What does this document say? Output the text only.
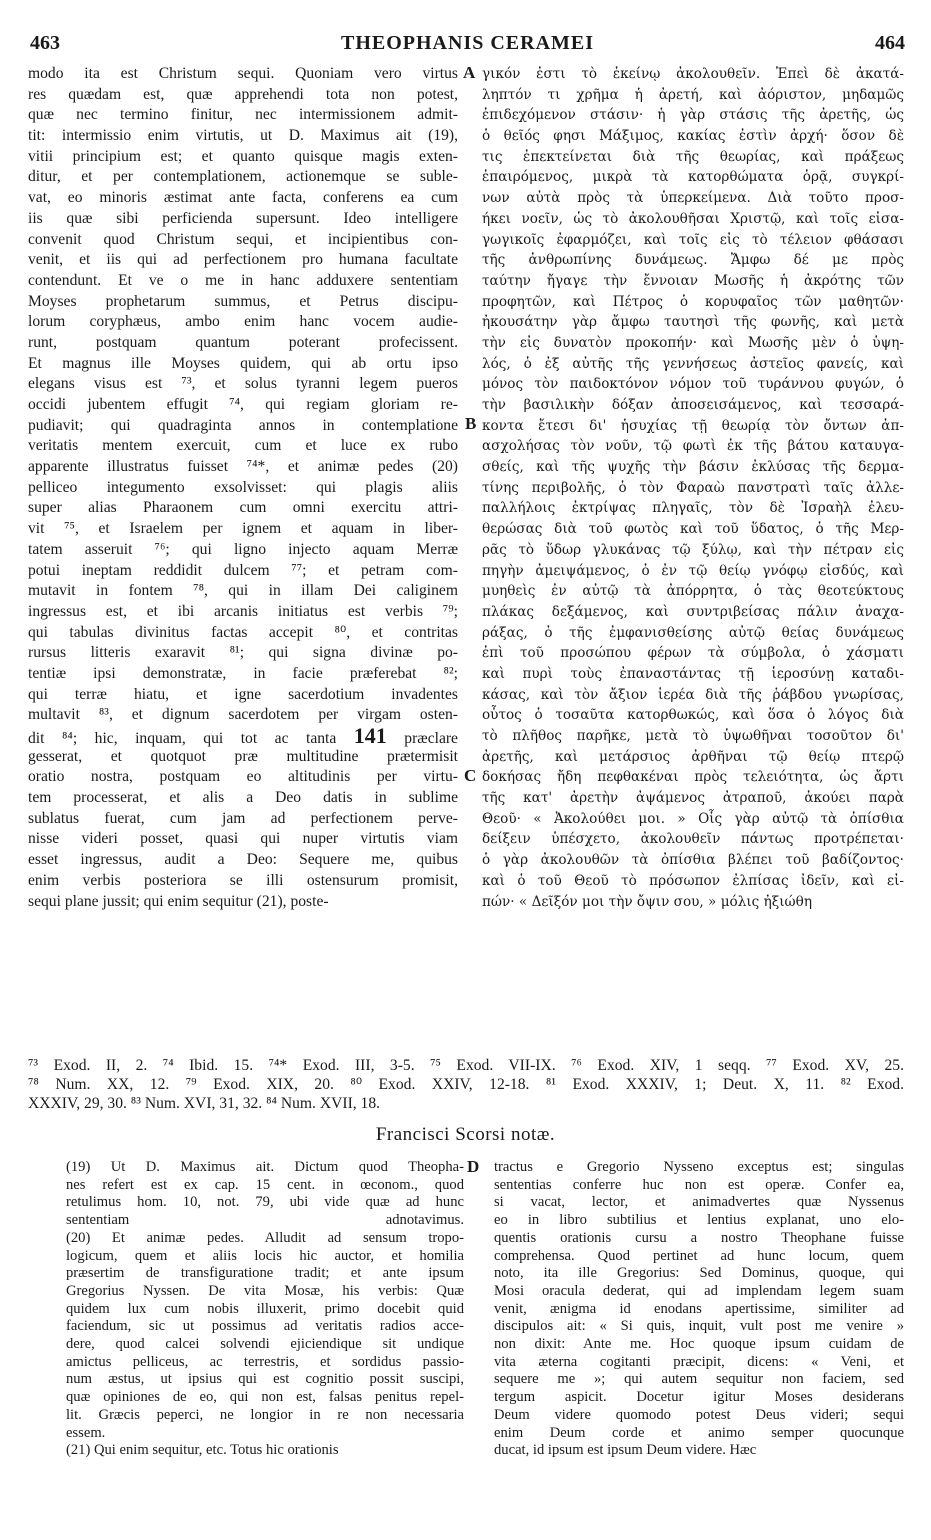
463	THEOPHANIS CERAMEI	464
modo ita est Christum sequi. Quoniam vero virtus
res quædam est, quæ apprehendi tota non potest,
quæ nec termino finitur, nec intermissionem admit-
tit: intermissio enim virtutis, ut D. Maximus ait (19),
vitii principium est; et quanto quisque magis exten-
ditur, et per contemplationem, actionemque se suble-
vat, eo minoris æstimat ante facta, conferens ea cum
iis quæ sibi perficienda supersunt. Ideo intelligere
convenit quod Christum sequi, et incipientibus con-
venit, et iis qui ad perfectionem pro humana facultate
contendunt. Et ve o me in hanc adduxere sententiam
Moyses prophetarum summus, et Petrus discipu-
lorum coryphæus, ambo enim hanc vocem audie-
runt, postquam quantum poterant profecissent.
Et magnus ille Moyses quidem, qui ab ortu ipso
elegans visus est ⁷³, et solus tyranni legem pueros
occidi jubentem effugit ⁷⁴, qui regiam gloriam re-
pudiavit; qui quadraginta annos in contemplatione
veritatis mentem exercuit, cum et luce ex rubo
apparente illustratus fuisset ⁷⁴*, et animæ pedes (20)
pelliceo integumento exsolvisset: qui plagis aliis
super alias Pharaonem cum omni exercitu attri-
vit ⁷⁵, et Israelem per ignem et aquam in liber-
tatem asseruit ⁷⁶; qui ligno injecto aquam Merræ
potui ineptam reddidit dulcem ⁷⁷; et petram com-
mutavit in fontem ⁷⁸, qui in illam Dei caliginem
ingressus est, et ibi arcanis initiatus est verbis ⁷⁹;
qui tabulas divinitus factas accepit ⁸⁰, et contritas
rursus litteris exaravit ⁸¹; qui signa divinæ po-
tentiæ ipsi demonstratæ, in facie præferebat ⁸²;
qui terræ hiatu, et igne sacerdotium invadentes
multavit ⁸³, et dignum sacerdotem per virgam osten-
dit ⁸⁴; hic, inquam, qui tot ac tanta 141 præclare
gesserat, et quotquot præ multitudine prætermisit
oratio nostra, postquam eo altitudinis per virtu-
tem processerat, et alis a Deo datis in sublime
sublatus fuerat, cum jam ad perfectionem perve-
nisse videri posset, quasi qui nuper virtutis viam
esset ingressus, audit a Deo: Sequere me, quibus
enim verbis posteriora se illi ostensurum promisit,
sequi plane jussit; qui enim sequitur (21), poste-
γικόν ἐστι τὸ ἐκείνῳ ἀκολουθεῖν. Ἐπεὶ δὲ ἀκατά-
ληπτόν τι χρῆμα ἡ ἀρετή, καὶ ἀόριστον, μηδαμῶς
ἐπιδεχόμενον στάσιν· ἡ γὰρ στάσις τῆς ἀρετῆς, ὡς
ὁ θεῖός φησι Μάξιμος, κακίας ἐστὶν ἀρχή· ὅσον δὲ
τις ἐπεκτείνεται διὰ τῆς θεωρίας, καὶ πράξεως
ἐπαιρόμενος, μικρὰ τὰ κατορθώματα ὁρᾷ, συγκρί-
νων αὐτὰ πρὸς τὰ ὑπερκείμενα. Διὰ τοῦτο προσ-
ήκει νοεῖν, ὡς τὸ ἀκολουθῆσαι Χριστῷ, καὶ τοῖς εἰσα-
γωγικοῖς ἐφαρμόζει, καὶ τοῖς εἰς τὸ τέλειον φθάσασι
τῆς ἀνθρωπίνης δυνάμεως. Ἄμφω δέ με πρὸς
ταύτην ἤγαγε τὴν ἔννοιαν Μωσῆς ἡ ἀκρότης τῶν
προφητῶν, καὶ Πέτρος ὁ κορυφαῖος τῶν μαθητῶν·
ἠκουσάτην γὰρ ἄμφω ταυτησὶ τῆς φωνῆς, καὶ μετὰ
τὴν εἰς δυνατὸν προκοπήν· καὶ Μωσῆς μὲν ὁ ὑψη-
λός, ὁ ἐξ αὐτῆς τῆς γεννήσεως ἀστεῖος φανείς, καὶ
μόνος τὸν παιδοκτόνον νόμον τοῦ τυράννου φυγών, ὁ
τὴν βασιλικὴν δόξαν ἀποσεισάμενος, καὶ τεσσαρά-
κοντα ἔτεσι δι' ἡσυχίας τῇ θεωρίᾳ τὸν ὄντων ἀπ-
ασχολήσας τὸν νοῦν, τῷ φωτὶ ἐκ τῆς βάτου καταυγα-
σθείς, καὶ τῆς ψυχῆς τὴν βάσιν ἐκλύσας τῆς δερμα-
τίνης περιβολῆς, ὁ τὸν Φαραὼ πανστρατὶ ταῖς ἀλλε-
παλλήλοις ἐκτρίψας πληγαῖς, τὸν δὲ Ἰσραὴλ ἐλευ-
θερώσας διὰ τοῦ φωτὸς καὶ τοῦ ὕδατος, ὁ τῆς Μερ-
ρᾶς τὸ ὕδωρ γλυκάνας τῷ ξύλῳ, καὶ τὴν πέτραν εἰς
πηγὴν ἀμειψάμενος, ὁ ἐν τῷ θείῳ γνόφῳ εἰσδύς, καὶ
μυηθεὶς ἐν αὐτῷ τὰ ἀπόρρητα, ὁ τὰς θεοτεύκτους
πλάκας δεξάμενος, καὶ συντριβείσας πάλιν ἀναχα-
ράξας, ὁ τῆς ἐμφανισθείσης αὐτῷ θείας δυνάμεως
ἐπὶ τοῦ προσώπου φέρων τὰ σύμβολα, ὁ χάσματι
καὶ πυρὶ τοὺς ἐπαναστάντας τῇ ἱεροσύνῃ καταδι-
κάσας, καὶ τὸν ἄξιον ἱερέα διὰ τῆς ῥάβδου γνωρίσας,
οὗτος ὁ τοσαῦτα κατορθωκώς, καὶ ὅσα ὁ λόγος διὰ
τὸ πλῆθος παρῆκε, μετὰ τὸ ὑψωθῆναι τοσοῦτον δι'
ἀρετῆς, καὶ μετάρσιος ἀρθῆναι τῷ θείῳ πτερῷ
δοκήσας ἤδη πεφθακέναι πρὸς τελειότητα, ὡς ἄρτι
τῆς κατ' ἀρετὴν ἀψάμενος ἀτραποῦ, ἀκούει παρὰ
Θεοῦ· « Ἀκολούθει μοι. » Οἷς γὰρ αὐτῷ τὰ ὀπίσθια
δείξειν ὑπέσχετο, ἀκολουθεῖν πάντως προτρέπεται·
ὁ γὰρ ἀκολουθῶν τὰ ὀπίσθια βλέπει τοῦ βαδίζοντος·
καὶ ὁ τοῦ Θεοῦ τὸ πρόσωπον ἐλπίσας ἰδεῖν, καὶ εἰ-
πών· « Δεῖξόν μοι τὴν ὄψιν σου, » μόλις ἠξιώθη
A
B
C
D
⁷³ Exod. II, 2. ⁷⁴ Ibid. 15. ⁷⁴* Exod. III, 3-5. ⁷⁵ Exod. VII-IX. ⁷⁶ Exod. XIV, 1 seqq. ⁷⁷ Exod. XV, 25.
⁷⁸ Num. XX, 12. ⁷⁹ Exod. XIX, 20. ⁸⁰ Exod. XXIV, 12-18. ⁸¹ Exod. XXXIV, 1; Deut. X, 11. ⁸² Exod.
XXXIV, 29, 30. ⁸³ Num. XVI, 31, 32. ⁸⁴ Num. XVII, 18.
Francisci Scorsi notæ.
(19) Ut D. Maximus ait. Dictum quod Theopha-
nes refert est ex cap. 15 cent. in œconom., quod
retulimus hom. 10, not. 79, ubi vide quæ ad hunc
sententiam adnotavimus.
(20) Et animæ pedes. Alludit ad sensum tropo-
logicum, quem et aliis locis hic auctor, et homilia
præsertim de transfiguratione tradit; et ante ipsum
Gregorius Nyssen. De vita Mosæ, his verbis: Quæ
quidem lux cum nobis illuxerit, primo docebit quid
faciendum, sic ut possimus ad veritatis radios acce-
dere, quod calcei solvendi ejiciendique sit undique
amictus pelliceus, ac terrestris, et sordidus passio-
num æstus, ut ipsius qui est cognitio possit suscipi,
quæ opiniones de eo, qui non est, falsas penitus repel-
lit. Græcis peperci, ne longior in re non necessaria
essem.
(21) Qui enim sequitur, etc. Totus hic orationis
tractus e Gregorio Nysseno exceptus est; singulas
sententias conferre huc non est operæ. Confer ea,
si vacat, lector, et animadvertes quæ Nyssenus
eo in libro subtilius et lentius explanat, uno elo-
quentis orationis cursu a nostro Theophane fuisse
comprehensa. Quod pertinet ad hunc locum, quem
noto, ita ille Gregorius: Sed Dominus, quoque, qui
Mosi oracula dederat, qui ad implendam legem suam
venit, ænigma id enodans apertissime, similiter ad
discipulos ait: « Si quis, inquit, vult post me venire »
non dixit: Ante me. Hoc quoque ipsum cuidam de
vita æterna cogitanti præcipit, dicens: « Veni, et
sequere me »; qui autem sequitur non faciem, sed
tergum aspicit. Docetur igitur Moses desiderans
Deum videre quomodo potest Deus videri; sequi
enim Deum corde et animo semper quocunque
ducat, id ipsum est ipsum Deum videre. Hæc
